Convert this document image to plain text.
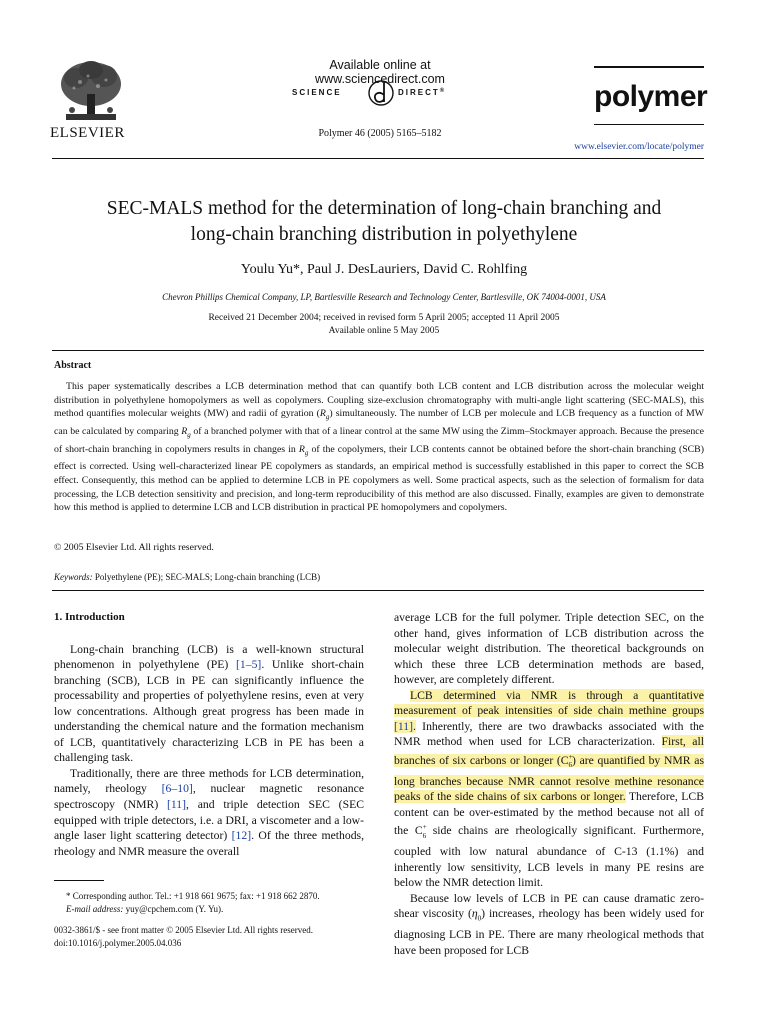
ELSEVIER
Available online at www.sciencedirect.com
SCIENCE	DIRECT®
Polymer 46 (2005) 5165–5182
polymer
www.elsevier.com/locate/polymer
SEC-MALS method for the determination of long-chain branching and
long-chain branching distribution in polyethylene
Youlu Yu*, Paul J. DesLauriers, David C. Rohlfing
Chevron Phillips Chemical Company, LP, Bartlesville Research and Technology Center, Bartlesville, OK 74004-0001, USA
Received 21 December 2004; received in revised form 5 April 2005; accepted 11 April 2005
Available online 5 May 2005
Abstract
This paper systematically describes a LCB determination method that can quantify both LCB content and LCB distribution across the molecular weight distribution in polyethylene homopolymers as well as copolymers. Coupling size-exclusion chromatography with multi-angle light scattering (SEC-MALS), this method quantifies molecular weights (MW) and radii of gyration $(R_g)$ simultaneously. The number of LCB per molecule and LCB frequency as a function of MW can be calculated by comparing $R_g$ of a branched polymer with that of a linear control at the same MW using the Zimm–Stockmayer approach. Because the presence of short-chain branching in copolymers results in changes in $R_g$ of the copolymers, their LCB contents cannot be obtained before the short-chain branching (SCB) effect is corrected. Using well-characterized linear PE copolymers as standards, an empirical method is successfully established in this paper to correct the SCB effect. Consequently, this method can be applied to determine LCB in PE copolymers as well. Some practical aspects, such as the selection of formalism for data processing, the LCB detection sensitivity and precision, and long-term reproducibility of this method are also discussed. Finally, examples are given to demonstrate how this method is applied to determine LCB and LCB distribution in practical PE homopolymers and copolymers.
© 2005 Elsevier Ltd. All rights reserved.
Keywords: Polyethylene (PE); SEC-MALS; Long-chain branching (LCB)
1. Introduction

Long-chain branching (LCB) is a well-known structural phenomenon in polyethylene (PE) [1–5]. Unlike short-chain branching (SCB), LCB in PE can significantly influence the processability and properties of polyethylene resins, even at very low concentrations. Although great progress has been made in understanding the chemical nature and the formation mechanism of LCB, quantitatively characterizing LCB in PE has been a challenging task.

Traditionally, there are three methods for LCB determination, namely, rheology [6–10], nuclear magnetic resonance spectroscopy (NMR) [11], and triple detection SEC (SEC equipped with triple detectors, i.e. a DRI, a viscometer and a low-angle laser light scattering detector) [12]. Of the three methods, rheology and NMR measure the overall

average LCB for the full polymer. Triple detection SEC, on the other hand, gives information of LCB distribution across the molecular weight distribution. The theoretical backgrounds on which these three LCB determination methods are based, however, are completely different.

LCB determined via NMR is through a quantitative measurement of peak intensities of side chain methine groups [11]. Inherently, there are two drawbacks associated with the NMR method when used for LCB characterization. First, all branches of six carbons or longer $(C^+_6)$ are quantified by NMR as long branches because NMR cannot resolve methine resonance peaks of the side chains of six carbons or longer. Therefore, LCB content can be over-estimated by the method because not all of the $C^+_6$ side chains are rheologically significant. Furthermore, coupled with low natural abundance of C-13 (1.1%) and inherently low sensitivity, LCB levels in many PE resins are below the NMR detection limit.

Because low levels of LCB in PE can cause dramatic zero-shear viscosity $(\eta_0)$ increases, rheology has been widely used for diagnosing LCB in PE. There are many rheological methods that have been proposed for LCB

* Corresponding author. Tel.: +1 918 661 9675; fax: +1 918 662 2870.
E-mail address: yuy@cpchem.com (Y. Yu).
0032-3861/$ - see front matter © 2005 Elsevier Ltd. All rights reserved.
doi:10.1016/j.polymer.2005.04.036
